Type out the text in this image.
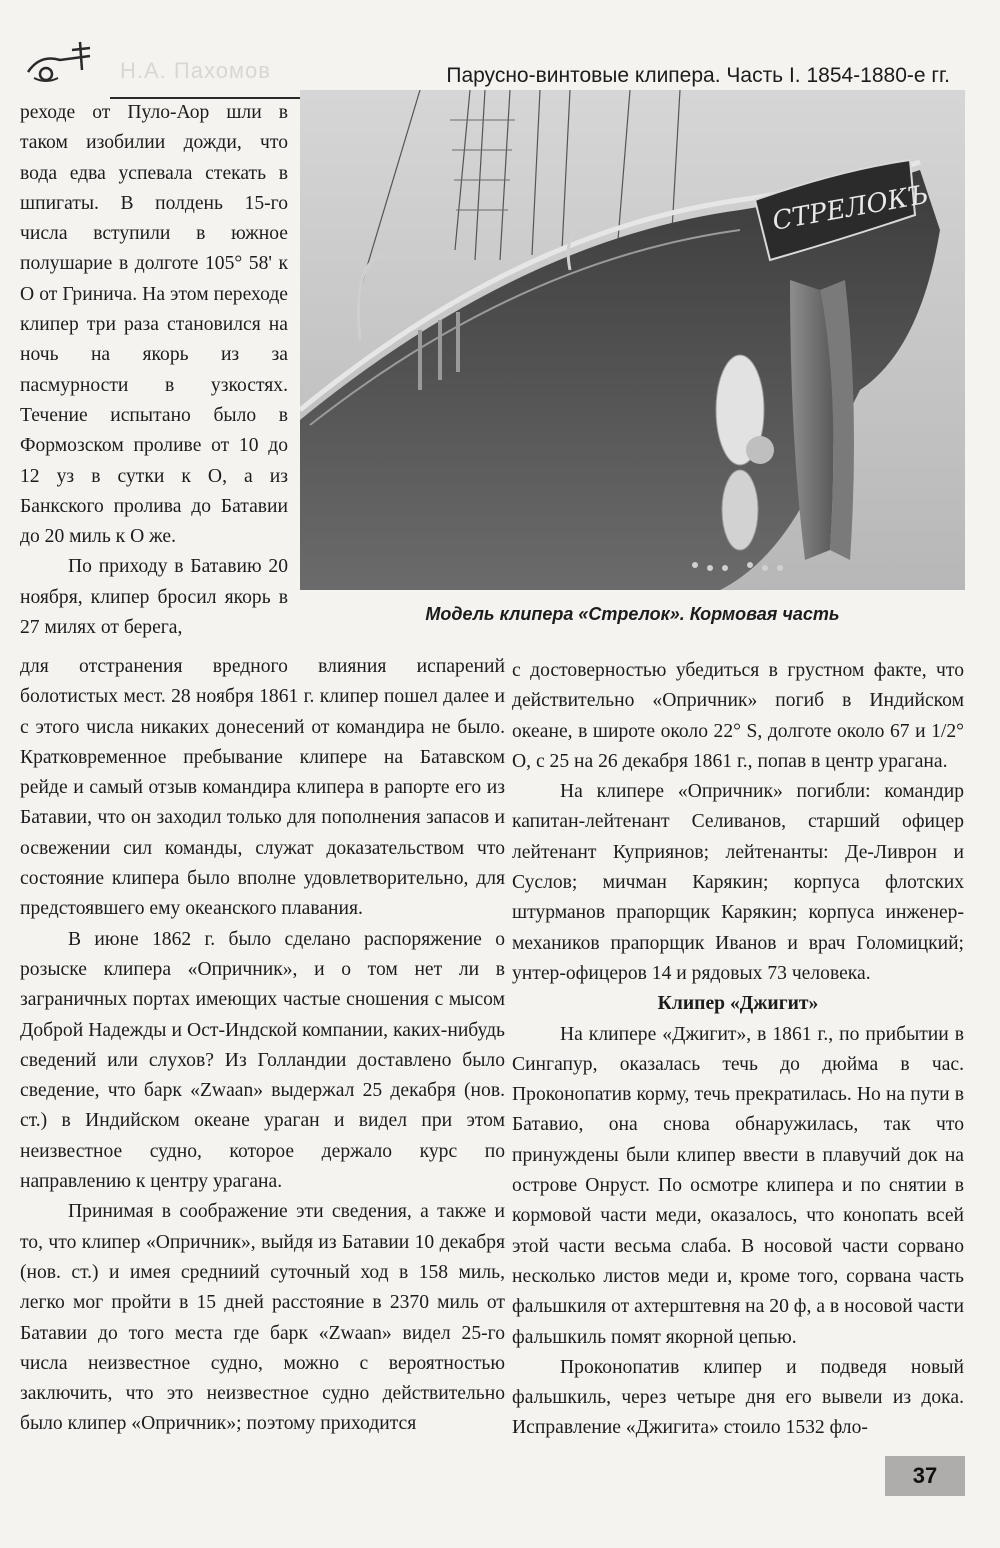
Н.А. Пахомов	Парусно-винтовые клипера. Часть I. 1854-1880-е гг.
СТРЕЛОКЪ
Модель клипера «Стрелок». Кормовая часть

реходе от Пуло-Аор шли в таком изобилии дожди, что вода едва успевала стекать в шпигаты. В полдень 15-го числа вступили в южное полушарие в долготе 105° 58' к О от Гринича. На этом переходе клипер три раза становился на ночь на якорь из за пасмурности в узкостях. Течение испытано было в Формозском проливе от 10 до 12 уз в сутки к О, а из Банкского пролива до Батавии до 20 миль к О же.

По приходу в Батавию 20 ноября, клипер бросил якорь в 27 милях от берега,

для отстранения вредного влияния испарений болотистых мест. 28 ноября 1861 г. клипер пошел далее и с этого числа никаких донесений от командира не было. Кратковременное пребывание клипере на Батавском рейде и самый отзыв командира клипера в рапорте его из Батавии, что он заходил только для пополнения запасов и освежении сил команды, служат доказательством что состояние клипера было вполне удовлетворительно, для предстоявшего ему океанского плавания.

В июне 1862 г. было сделано распоряжение о розыске клипера «Опричник», и о том нет ли в заграничных портах имеющих частые сношения с мысом Доброй Надежды и Ост-Индской компании, каких-нибудь сведений или слухов? Из Голландии доставлено было сведение, что барк «Zwaan» выдержал 25 декабря (нов. ст.) в Индийском океане ураган и видел при этом неизвестное судно, которое держало курс по направлению к центру урагана.

Принимая в соображение эти сведения, а также и то, что клипер «Опричник», выйдя из Батавии 10 декабря (нов. ст.) и имея средниий суточный ход в 158 миль, легко мог пройти в 15 дней расстояние в 2370 миль от Батавии до того места где барк «Zwaan» видел 25-го числа неизвестное судно, можно с вероятностью заключить, что это неизвестное судно действительно было клипер «Опричник»; поэтому приходится

с достоверностью убедиться в грустном факте, что действительно «Опричник» погиб в Индийском океане, в широте около 22° S, долготе около 67 и 1/2° О, с 25 на 26 декабря 1861 г., попав в центр урагана.

На клипере «Опричник» погибли: командир капитан-лейтенант Селиванов, старший офицер лейтенант Куприянов; лейтенанты: Де-Ливрон и Суслов; мичман Карякин; корпуса флотских штурманов прапорщик Карякин; корпуса инженер-механиков прапорщик Иванов и врач Голомицкий; унтер-офицеров 14 и рядовых 73 человека.

Клипер «Джигит»

На клипере «Джигит», в 1861 г., по прибытии в Сингапур, оказалась течь до дюйма в час. Проконопатив корму, течь прекратилась. Но на пути в Батавио, она снова обнаружилась, так что принуждены были клипер ввести в плавучий док на острове Онруст. По осмотре клипера и по снятии в кормовой части меди, оказалось, что конопать всей этой части весьма слаба. В носовой части сорвано несколько листов меди и, кроме того, сорвана часть фальшкиля от ахтерштевня на 20 ф, а в носовой части фальшкиль помят якорной цепью.

Проконопатив клипер и подведя новый фальшкиль, через четыре дня его вывели из дока. Исправление «Джигита» стоило 1532 фло-

37
